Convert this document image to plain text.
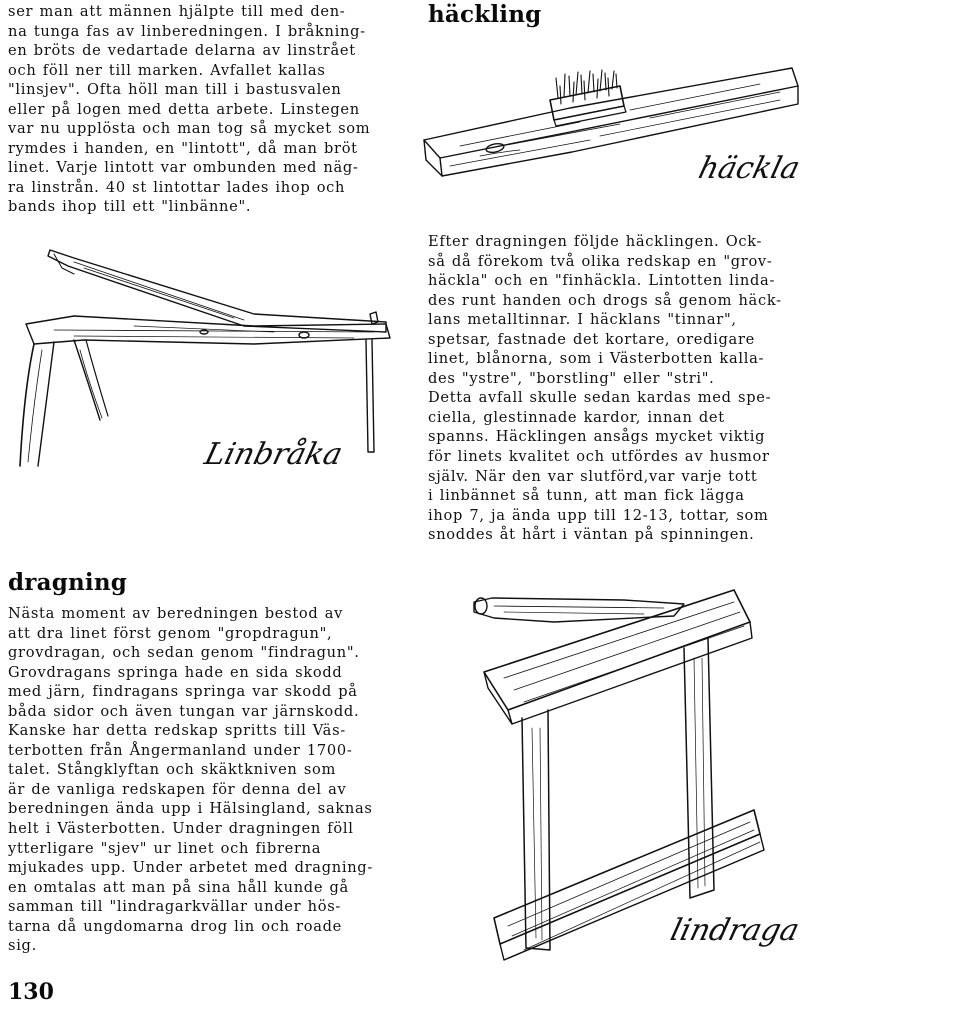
ser man att männen hjälpte till med den-
na tunga fas av linberedningen. I bråkning-
en bröts de vedartade delarna av linstrået
och föll ner till marken. Avfallet kallas
"linsjev". Ofta höll man till i bastusvalen
eller på logen med detta arbete. Linstegen
var nu upplösta och man tog så mycket som
rymdes i handen, en "lintott", då man bröt
linet. Varje lintott var ombunden med näg-
ra linstrån. 40 st lintottar lades ihop och
bands ihop till ett "linbänne".

häckling
häckla
Linbråka

Efter dragningen följde häcklingen. Ock-
så då förekom två olika redskap en "grov-
häckla" och en "finhäckla. Lintotten linda-
des runt handen och drogs så genom häck-
lans metalltinnar. I häcklans "tinnar",
spetsar, fastnade det kortare, oredigare
linet, blånorna, som i Västerbotten kalla-
des "ystre", "borstling" eller "stri".
Detta avfall skulle sedan kardas med spe-
ciella, glestinnade kardor, innan det
spanns. Häcklingen ansågs mycket viktig
för linets kvalitet och utfördes av husmor
själv. När den var slutförd,var varje tott
i linbännet så tunn, att man fick lägga
ihop 7, ja ända upp till 12-13, tottar, som
snoddes åt hårt i väntan på spinningen.

dragning

Nästa moment av beredningen bestod av
att dra linet först genom "gropdragun",
grovdragan, och sedan genom "findragun".
Grovdragans springa hade en sida skodd
med järn, findragans springa var skodd på
båda sidor och även tungan var järnskodd.
Kanske har detta redskap spritts till Väs-
terbotten från Ångermanland under 1700-
talet. Stångklyftan och skäktkniven som
är de vanliga redskapen för denna del av
beredningen ända upp i Hälsingland, saknas
helt i Västerbotten. Under dragningen föll
ytterligare "sjev" ur linet och fibrerna
mjukades upp. Under arbetet med dragning-
en omtalas att man på sina håll kunde gå
samman till "lindragarkvällar under hös-
tarna då ungdomarna drog lin och roade
sig.	lindraga

130
